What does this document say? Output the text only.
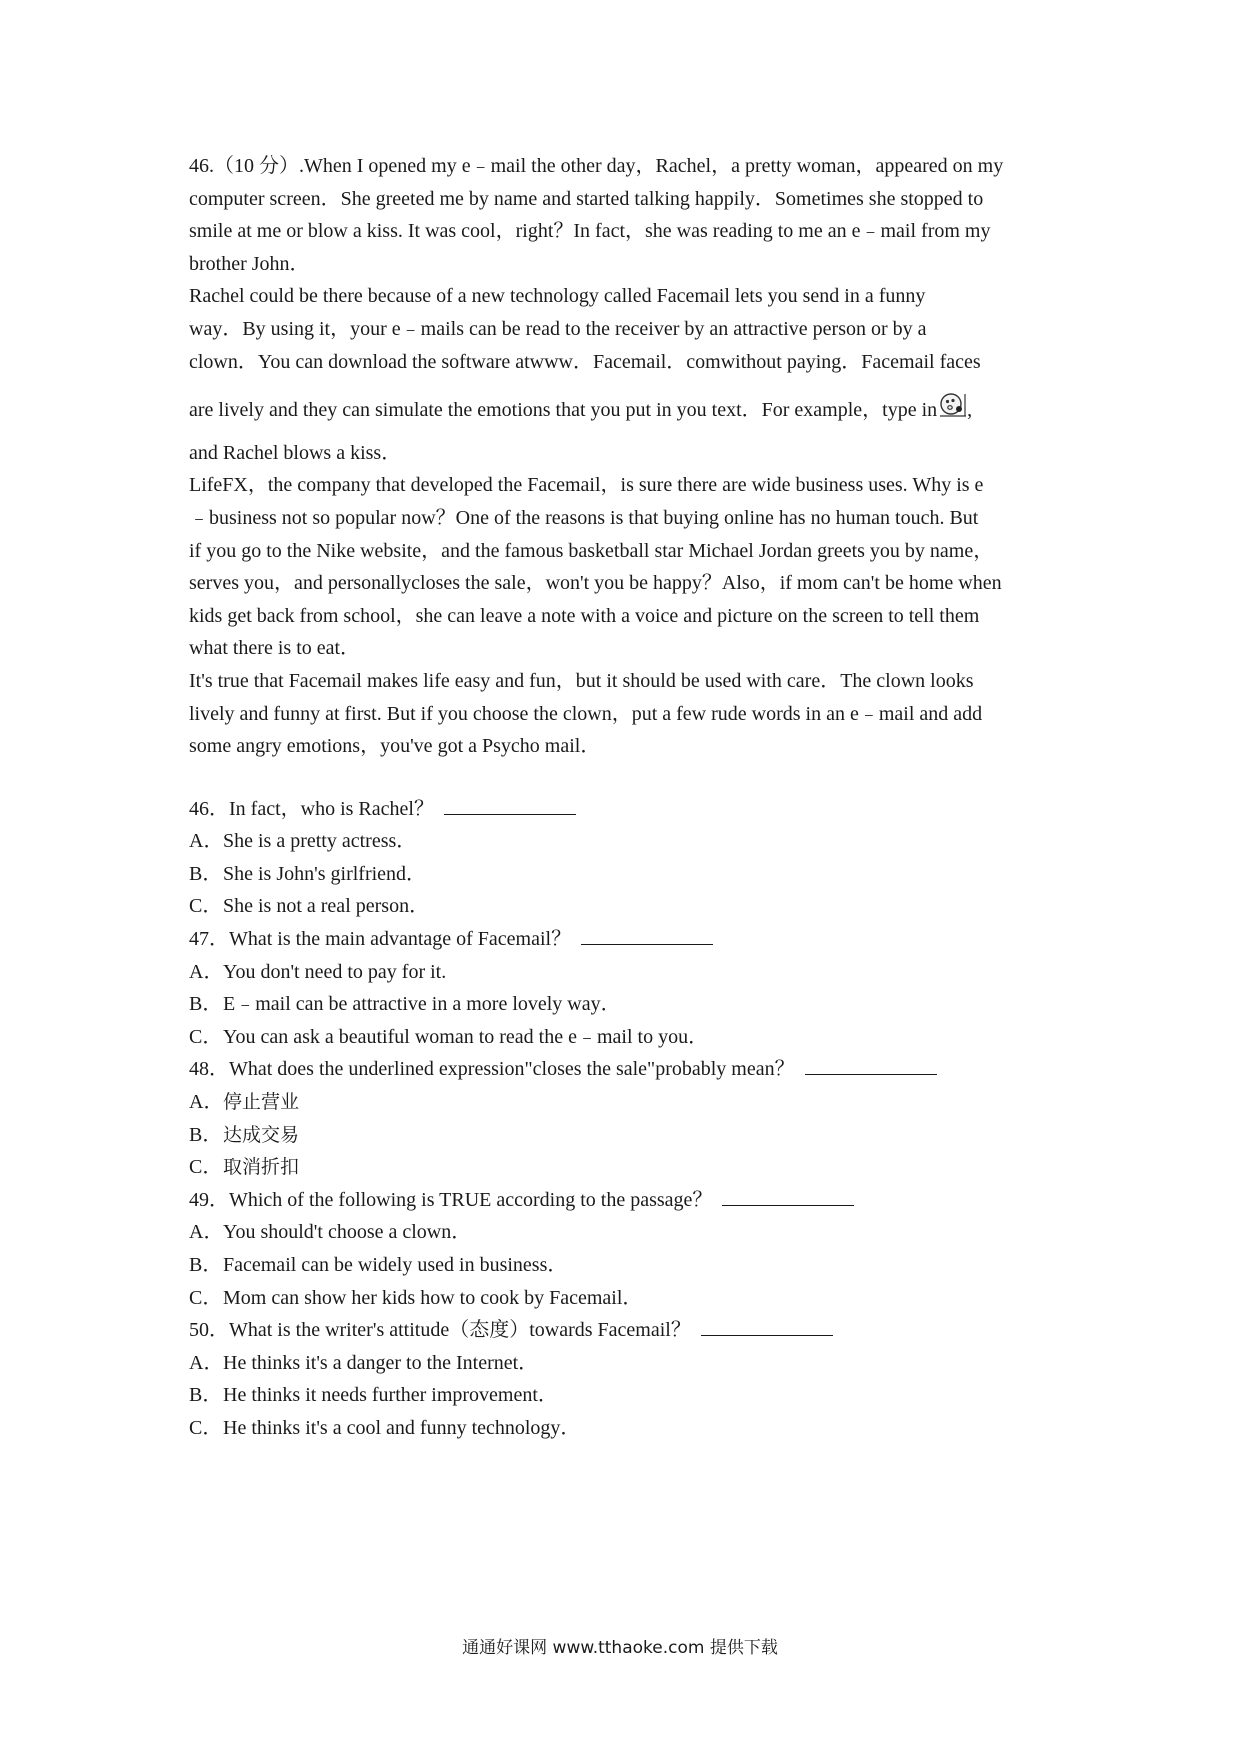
46.（10 分）.When I opened my e﹣mail the other day，Rachel，a pretty woman，appeared on my
computer screen．She greeted me by name and started talking happily．Sometimes she stopped to
smile at me or blow a kiss. It was cool，right？In fact，she was reading to me an e﹣mail from my
brother John．
Rachel could be there because of a new technology called Facemail lets you send in a funny
way．By using it，your e﹣mails can be read to the receiver by an attractive person or by a
clown．You can download the software atwww．Facemail．comwithout paying．Facemail faces
are lively and they can simulate the emotions that you put in you text．For example，type in ,
and Rachel blows a kiss．
LifeFX，the company that developed the Facemail，is sure there are wide business uses. Why is e
﹣business not so popular now？One of the reasons is that buying online has no human touch. But
if you go to the Nike website，and the famous basketball star Michael Jordan greets you by name，
serves you，and personallycloses the sale，won't you be happy？Also，if mom can't be home when
kids get back from school，she can leave a note with a voice and picture on the screen to tell them
what there is to eat．
It's true that Facemail makes life easy and fun，but it should be used with care．The clown looks
lively and funny at first. But if you choose the clown，put a few rude words in an e﹣mail and add
some angry emotions，you've got a Psycho mail．
46．In fact，who is Rachel？
A．She is a pretty actress．
B．She is John's girlfriend．
C．She is not a real person．
47．What is the main advantage of Facemail？
A．You don't need to pay for it.
B．E﹣mail can be attractive in a more lovely way．
C．You can ask a beautiful woman to read the e﹣mail to you．
48．What does the underlined expression"closes the sale"probably mean？
A．停止营业
B．达成交易
C．取消折扣
49．Which of the following is TRUE according to the passage？
A．You should't choose a clown．
B．Facemail can be widely used in business．
C．Mom can show her kids how to cook by Facemail．
50．What is the writer's attitude（态度）towards Facemail？
A．He thinks it's a danger to the Internet．
B．He thinks it needs further improvement．
C．He thinks it's a cool and funny technology．
通通好课网 www.tthaoke.com 提供下载
